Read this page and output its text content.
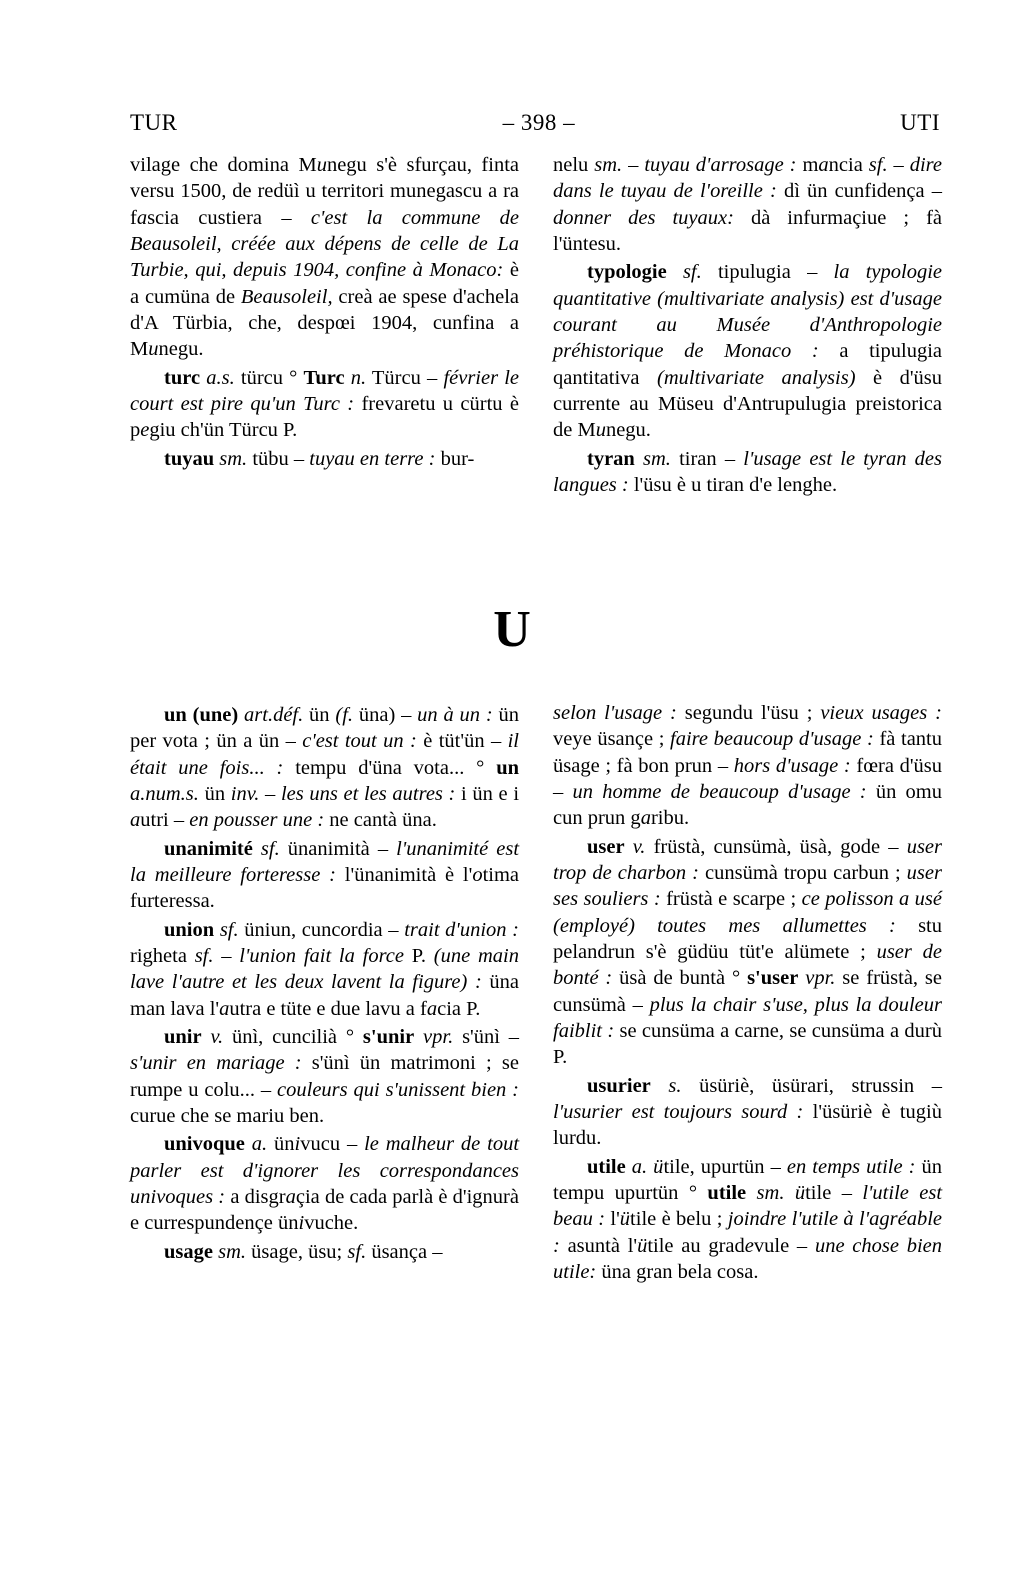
TUR	– 398 –	UTI

vilage che domina Munegu s'è sfurçau, finta versu 1500, de redüì u territori munegascu a ra fascia custiera – c'est la commune de Beausoleil, créée aux dépens de celle de La Turbie, qui, depuis 1904, confine à Monaco: è a cumüna de Beausoleil, creà ae spese d'achela d'A Türbia, che, despœi 1904, cunfina a Munegu.

turc a.s. türcu ° Turc n. Türcu – février le court est pire qu'un Turc : frevaretu u cürtu è pegiu ch'ün Türcu P.

tuyau sm. tübu – tuyau en terre : bur-

nelu sm. – tuyau d'arrosage : mancia sf. – dire dans le tuyau de l'oreille : dì ün cunfidença – donner des tuyaux: dà infurmaçiue ; fà l'üntesu.

typologie sf. tipulugia – la typologie quantitative (multivariate analysis) est d'usage courant au Musée d'Anthropologie préhistorique de Monaco : a tipulugia qantitativa (multivariate analysis) è d'üsu currente au Müseu d'Antrupulugia preistorica de Munegu.

tyran sm. tiran – l'usage est le tyran des langues : l'üsu è u tiran d'e lenghe.

U

un (une) art.déf. ün (f. üna) – un à un : ün per vota ; ün a ün – c'est tout un : è tüt'ün – il était une fois... : tempu d'üna vota... ° un a.num.s. ün inv. – les uns et les autres : i ün e i autri – en pousser une : ne cantà üna.

unanimité sf. ünanimità – l'unanimité est la meilleure forteresse : l'ünanimità è l'otima furteressa.

union sf. üniun, cuncordia – trait d'union : righeta sf. – l'union fait la force P. (une main lave l'autre et les deux lavent la figure) : üna man lava l'autra e tüte e due lavu a facia P.

unir v. ünì, cuncilià ° s'unir vpr. s'ünì – s'unir en mariage : s'ünì ün matrimoni ; se rumpe u colu... – couleurs qui s'unissent bien : curue che se mariu ben.

univoque a. ünivucu – le malheur de tout parler est d'ignorer les correspondances univoques : a disgraçia de cada parlà è d'ignurà e currespundençe ünivuche.

usage sm. üsage, üsu; sf. üsança –

selon l'usage : segundu l'üsu ; vieux usages : veye üsançe ; faire beaucoup d'usage : fà tantu üsage ; fà bon prun – hors d'usage : fœra d'üsu – un homme de beaucoup d'usage : ün omu cun prun garibu.

user v. früstà, cunsümà, üsà, gode – user trop de charbon : cunsümà tropu carbun ; user ses souliers : früstà e scarpe ; ce polisson a usé (employé) toutes mes allumettes : stu pelandrun s'è güdüu tüt'e alümete ; user de bonté : üsà de buntà ° s'user vpr. se früstà, se cunsümà – plus la chair s'use, plus la douleur faiblit : se cunsüma a carne, se cunsüma a durù P.

usurier s. üsüriè, üsürari, strussin – l'usurier est toujours sourd : l'üsüriè è tugiù lurdu.

utile a. ütile, upurtün – en temps utile : ün tempu upurtün ° utile sm. ütile – l'utile est beau : l'ütile è belu ; joindre l'utile à l'agréable : asuntà l'ütile au gradevule – une chose bien utile: üna gran bela cosa.
